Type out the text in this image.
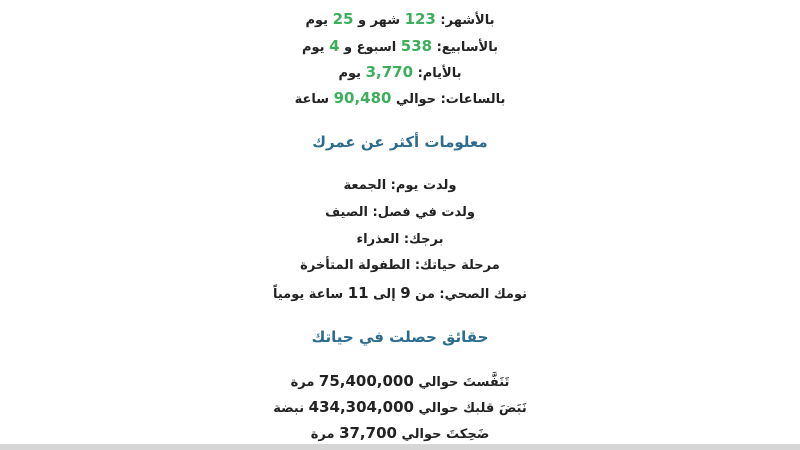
بالأشهر: 123 شهر و 25 يوم
بالأسابيع: 538 اسبوع و 4 يوم
بالأيام: 3,770 يوم
بالساعات: حوالي 90,480 ساعة
معلومات أكثر عن عمرك
ولدت يوم: الجمعة
ولدت في فصل: الصيف
برجك: العذراء
مرحلة حياتك: الطفولة المتأخرة
نومك الصحي: من 9 إلى 11 ساعة يومياً
حقائق حصلت في حياتك
تَنَفَّستَ حوالي 75,400,000 مرة
نَبَضَ قلبك حوالي 434,304,000 نبضة
ضَحِكتَ حوالي 37,700 مرة
